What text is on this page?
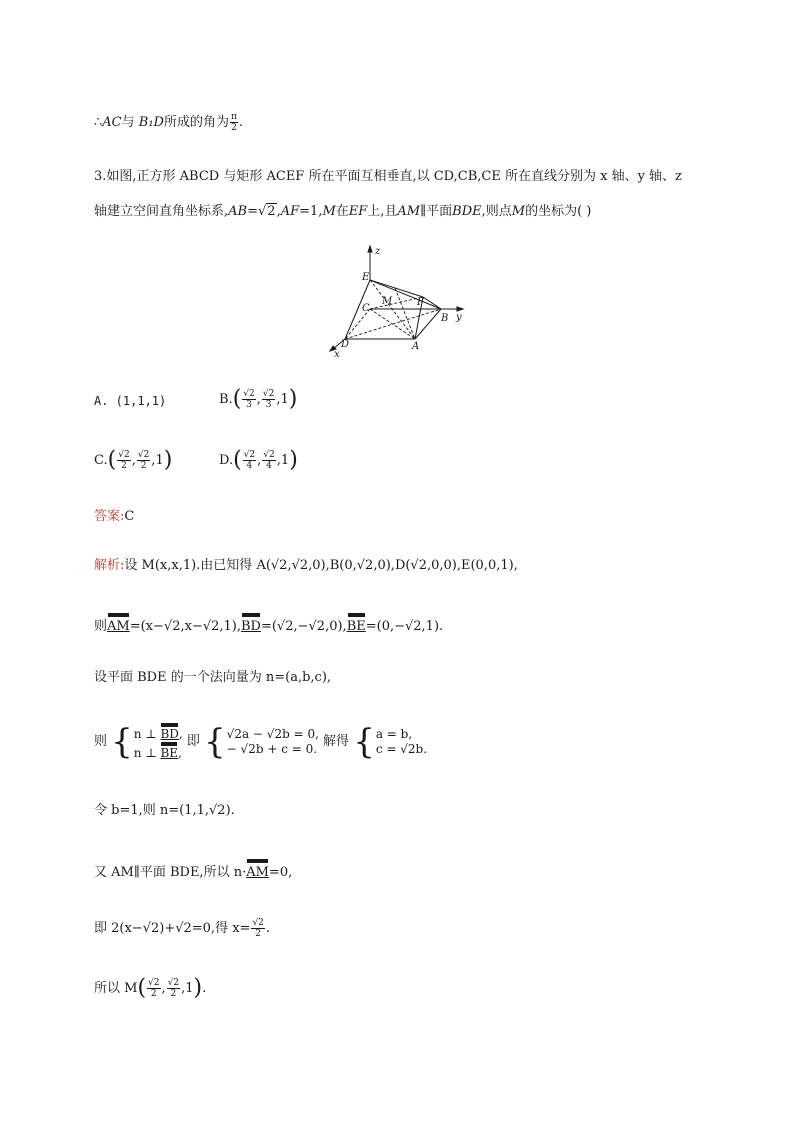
∴AC与 B₁D所成的角为 $\frac{\pi}{2}$ .
3.如图,正方形 ABCD 与矩形 ACEF 所在平面互相垂直,以 CD,CB,CE 所在直线分别为 x 轴、y 轴、z
轴建立空间直角坐标系,AB=√2,AF=1,M在EF上,且AM∥平面BDE,则点M的坐标为( )
z
y
x
E
M F
C
B
D	A
A. (1,1,1)	$B.( \frac{√2}{3}$ , $\frac{√2}{3} ,1$)
$C.( \frac{√2}{2}$ , $\frac{√2}{2} ,1$)	$D.( \frac{√2}{4}$ , $\frac{√2}{4} ,1$)
答案:C
解析:设 M(x,x,1).由已知得 A(√2,√2,0),B(0,√2,0),D(√2,0,0),E(0,0,1),
则AM=(x−√2,x−√2,1),BD=(√2,−√2,0),BE=(0,−√2,1).
设平面 BDE 的一个法向量为 n=(a,b,c),
则 { n ⊥ BD,
n ⊥ BE,
即 { √2a − √2b = 0,
− √2b + c = 0. 解得 { a = b,
c = √2b.
令 b=1,则 n=(1,1,√2).
又 AM∥平面 BDE,所以 n·AM=0,
即 2(x−√2)+√2=0,得 $x= \frac{√2}{2}$ .
所以 $M( \frac{√2}{2}$ , $\frac{√2}{2} ,1$).
